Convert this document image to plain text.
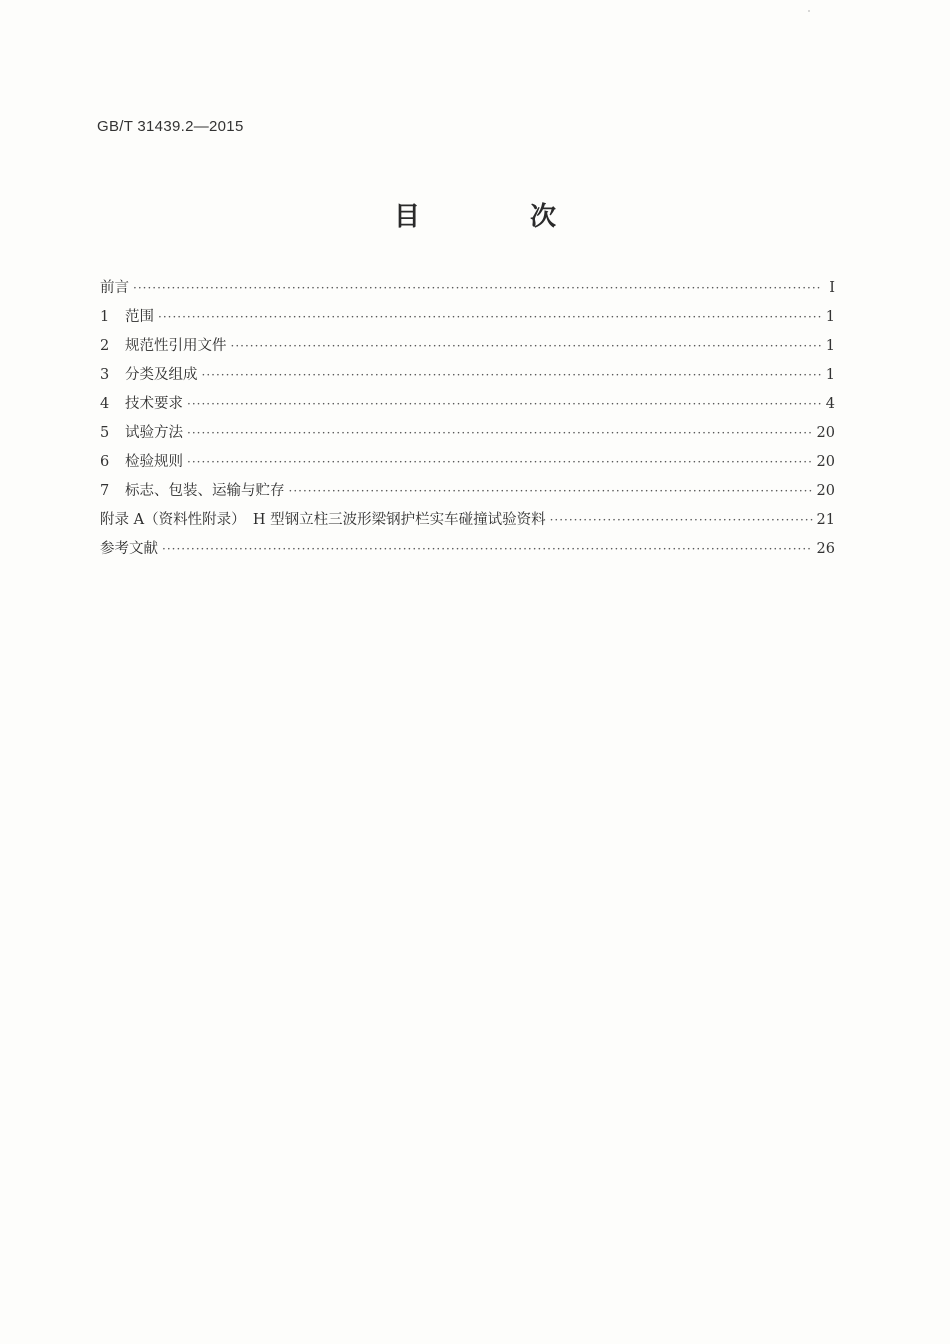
GB/T 31439.2—2015
目　次
前言 ·····	Ⅰ
1	范围 ·····	1
2	规范性引用文件 ·····	1
3	分类及组成 ·····	1
4	技术要求 ·····	4
5	试验方法 ·····	20
6	检验规则 ·····	20
7	标志、包装、运输与贮存 ·····	20
附录 A（资料性附录）　H 型钢立柱三波形梁钢护栏实车碰撞试验资料 ·····	21
参考文献 ·····	26
